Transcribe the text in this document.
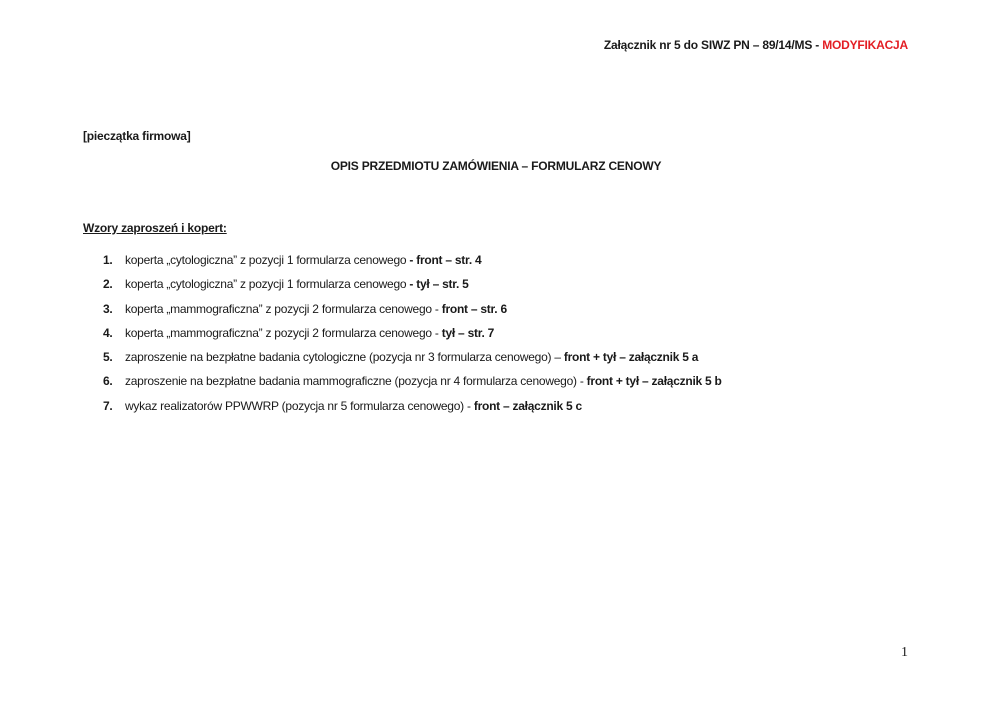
Załącznik nr 5 do SIWZ PN – 89/14/MS - MODYFIKACJA
[pieczątka firmowa]
OPIS PRZEDMIOTU ZAMÓWIENIA – FORMULARZ CENOWY
Wzory zaproszeń i kopert:
1. koperta „cytologiczna” z pozycji 1 formularza cenowego - front – str. 4
2. koperta „cytologiczna” z pozycji 1 formularza cenowego - tył – str. 5
3. koperta „mammograficzna” z pozycji 2 formularza cenowego - front – str. 6
4. koperta „mammograficzna” z pozycji 2 formularza cenowego - tył – str. 7
5. zaproszenie na bezpłatne badania cytologiczne (pozycja nr 3 formularza cenowego) – front + tył – załącznik 5 a
6. zaproszenie na bezpłatne badania mammograficzne (pozycja nr 4 formularza cenowego) - front + tył – załącznik 5 b
7. wykaz realizatorów PPWWRP (pozycja nr 5 formularza cenowego) - front – załącznik 5 c
1
